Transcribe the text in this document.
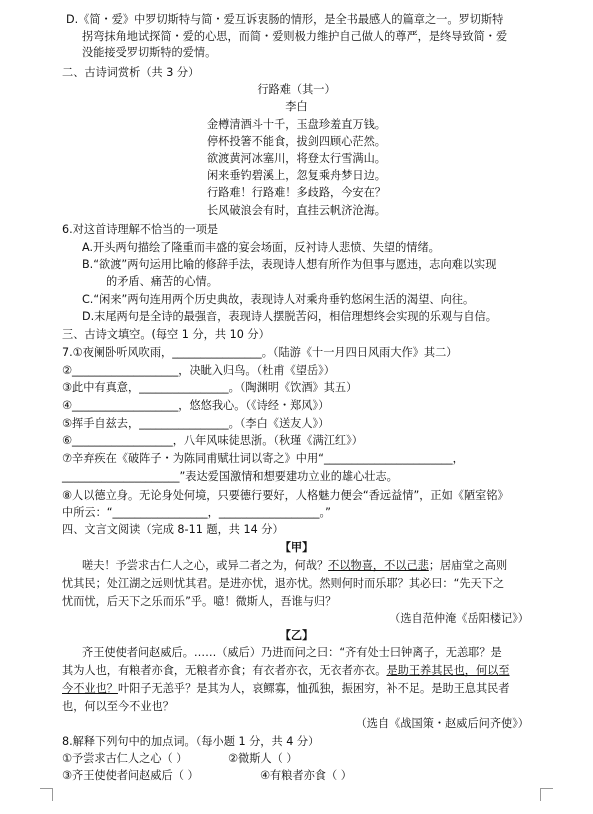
D.《简・爱》中罗切斯特与简・爱互诉衷肠的情形，是全书最感人的篇章之一。罗切斯特
拐弯抹角地试探简・爱的心思，而简・爱则极力维护自己做人的尊严，是终导致简・爱
没能接受罗切斯特的爱情。
二、古诗词赏析（共 3 分）
行路难（其一）
李白
金樽清酒斗十千，玉盘珍羞直万钱。
停杯投箸不能食，拔剑四顾心茫然。
欲渡黄河冰塞川，将登太行雪满山。
闲来垂钓碧溪上，忽复乘舟梦日边。
行路难！行路难！多歧路，今安在？
长风破浪会有时，直挂云帆济沧海。
6.对这首诗理解不恰当的一项是
A.开头两句描绘了隆重而丰盛的宴会场面，反衬诗人悲愤、失望的情绪。
B.“欲渡”两句运用比喻的修辞手法，表现诗人想有所作为但事与愿违，志向难以实现
的矛盾、痛苦的心情。
C.“闲来”两句连用两个历史典故，表现诗人对乘舟垂钓悠闲生活的渴望、向往。
D.末尾两句是全诗的最强音，表现诗人摆脱苦闷，相信理想终会实现的乐观与自信。
三、古诗文填空。(每空 1 分，共 10 分）
7.①夜阑卧听风吹雨，________________。（陆游《十一月四日风雨大作》其二）
②___________________，决眦入归鸟。（杜甫《望岳》）
③此中有真意，________________。（陶渊明《饮酒》其五）
④___________________，悠悠我心。（《诗经・郑风》）
⑤挥手自兹去，________________。（李白《送友人》）
⑥__________________，八年风味徒思浙。（秋瑾《满江红》）
⑦辛弃疾在《破阵子・为陈同甫赋壮词以寄之》中用“_______________________，
_____________________”表达爱国激情和想要建功立业的雄心壮志。
⑧人以德立身。无论身处何境，只要德行要好，人格魅力便会“香远益情”，正如《陋室铭》
中所云：“_________________，__________________。”
四、文言文阅读（完成 8-11 题，共 14 分）
【甲】
嗟夫！予尝求古仁人之心，或异二者之为，何哉？不以物喜，不以己悲；居庙堂之高则
忧其民；处江湖之远则忧其君。是进亦忧，退亦忧。然则何时而乐耶？其必曰：“先天下之
忧而忧，后天下之乐而乐”乎。噫！微斯人，吾谁与归？
（选自范仲淹《岳阳楼记》）
【乙】
齐王使使者问赵威后。……（威后）乃进而问之曰：“齐有处士曰钟离子，无恙耶？是
其为人也，有粮者亦食，无粮者亦食；有衣者亦衣，无衣者亦衣。是助王养其民也，何以至
今不业也？叶阳子无恙乎？是其为人，哀鳏寡，恤孤独，振困穷，补不足。是助王息其民者
也，何以至今不业也？
（选自《战国策・赵威后问齐使》）
8.解释下列句中的加点词。（每小题 1 分，共 4 分）
①予尝求古仁人之心（ ）	②微斯人（ ）
③齐王使使者问赵威后（ ）	④有粮者亦食（ ）
